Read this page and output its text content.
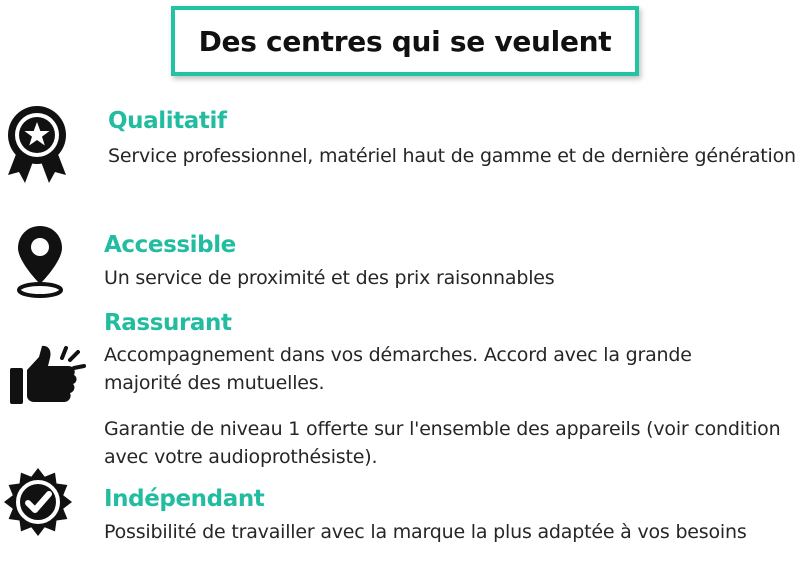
Des centres qui se veulent
Qualitatif
Service professionnel, matériel haut de gamme et de dernière génération
Accessible
Un service de proximité et des prix raisonnables
Rassurant
Accompagnement dans vos démarches. Accord avec la grande majorité des mutuelles.
Garantie de niveau 1 offerte sur l'ensemble des appareils (voir condition avec votre audioprothésiste).
Indépendant
Possibilité de travailler avec la marque la plus adaptée à vos besoins
